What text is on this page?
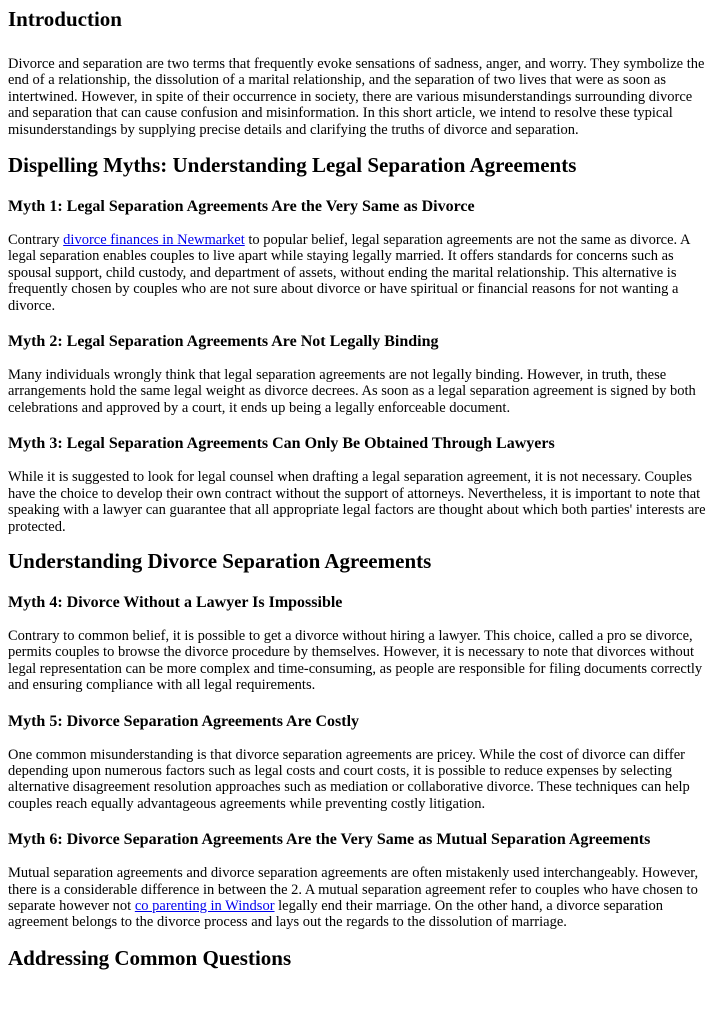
Introduction

Divorce and separation are two terms that frequently evoke sensations of sadness, anger, and worry. They symbolize the end of a relationship, the dissolution of a marital relationship, and the separation of two lives that were as soon as intertwined. However, in spite of their occurrence in society, there are various misunderstandings surrounding divorce and separation that can cause confusion and misinformation. In this short article, we intend to resolve these typical misunderstandings by supplying precise details and clarifying the truths of divorce and separation.

Dispelling Myths: Understanding Legal Separation Agreements
Myth 1: Legal Separation Agreements Are the Very Same as Divorce

Contrary divorce finances in Newmarket to popular belief, legal separation agreements are not the same as divorce. A legal separation enables couples to live apart while staying legally married. It offers standards for concerns such as spousal support, child custody, and department of assets, without ending the marital relationship. This alternative is frequently chosen by couples who are not sure about divorce or have spiritual or financial reasons for not wanting a divorce.

Myth 2: Legal Separation Agreements Are Not Legally Binding

Many individuals wrongly think that legal separation agreements are not legally binding. However, in truth, these arrangements hold the same legal weight as divorce decrees. As soon as a legal separation agreement is signed by both celebrations and approved by a court, it ends up being a legally enforceable document.

Myth 3: Legal Separation Agreements Can Only Be Obtained Through Lawyers

While it is suggested to look for legal counsel when drafting a legal separation agreement, it is not necessary. Couples have the choice to develop their own contract without the support of attorneys. Nevertheless, it is important to note that speaking with a lawyer can guarantee that all appropriate legal factors are thought about which both parties' interests are protected.

Understanding Divorce Separation Agreements
Myth 4: Divorce Without a Lawyer Is Impossible

Contrary to common belief, it is possible to get a divorce without hiring a lawyer. This choice, called a pro se divorce, permits couples to browse the divorce procedure by themselves. However, it is necessary to note that divorces without legal representation can be more complex and time-consuming, as people are responsible for filing documents correctly and ensuring compliance with all legal requirements.

Myth 5: Divorce Separation Agreements Are Costly

One common misunderstanding is that divorce separation agreements are pricey. While the cost of divorce can differ depending upon numerous factors such as legal costs and court costs, it is possible to reduce expenses by selecting alternative disagreement resolution approaches such as mediation or collaborative divorce. These techniques can help couples reach equally advantageous agreements while preventing costly litigation.

Myth 6: Divorce Separation Agreements Are the Very Same as Mutual Separation Agreements

Mutual separation agreements and divorce separation agreements are often mistakenly used interchangeably. However, there is a considerable difference in between the 2. A mutual separation agreement refer to couples who have chosen to separate however not co parenting in Windsor legally end their marriage. On the other hand, a divorce separation agreement belongs to the divorce process and lays out the regards to the dissolution of marriage.

Addressing Common Questions
